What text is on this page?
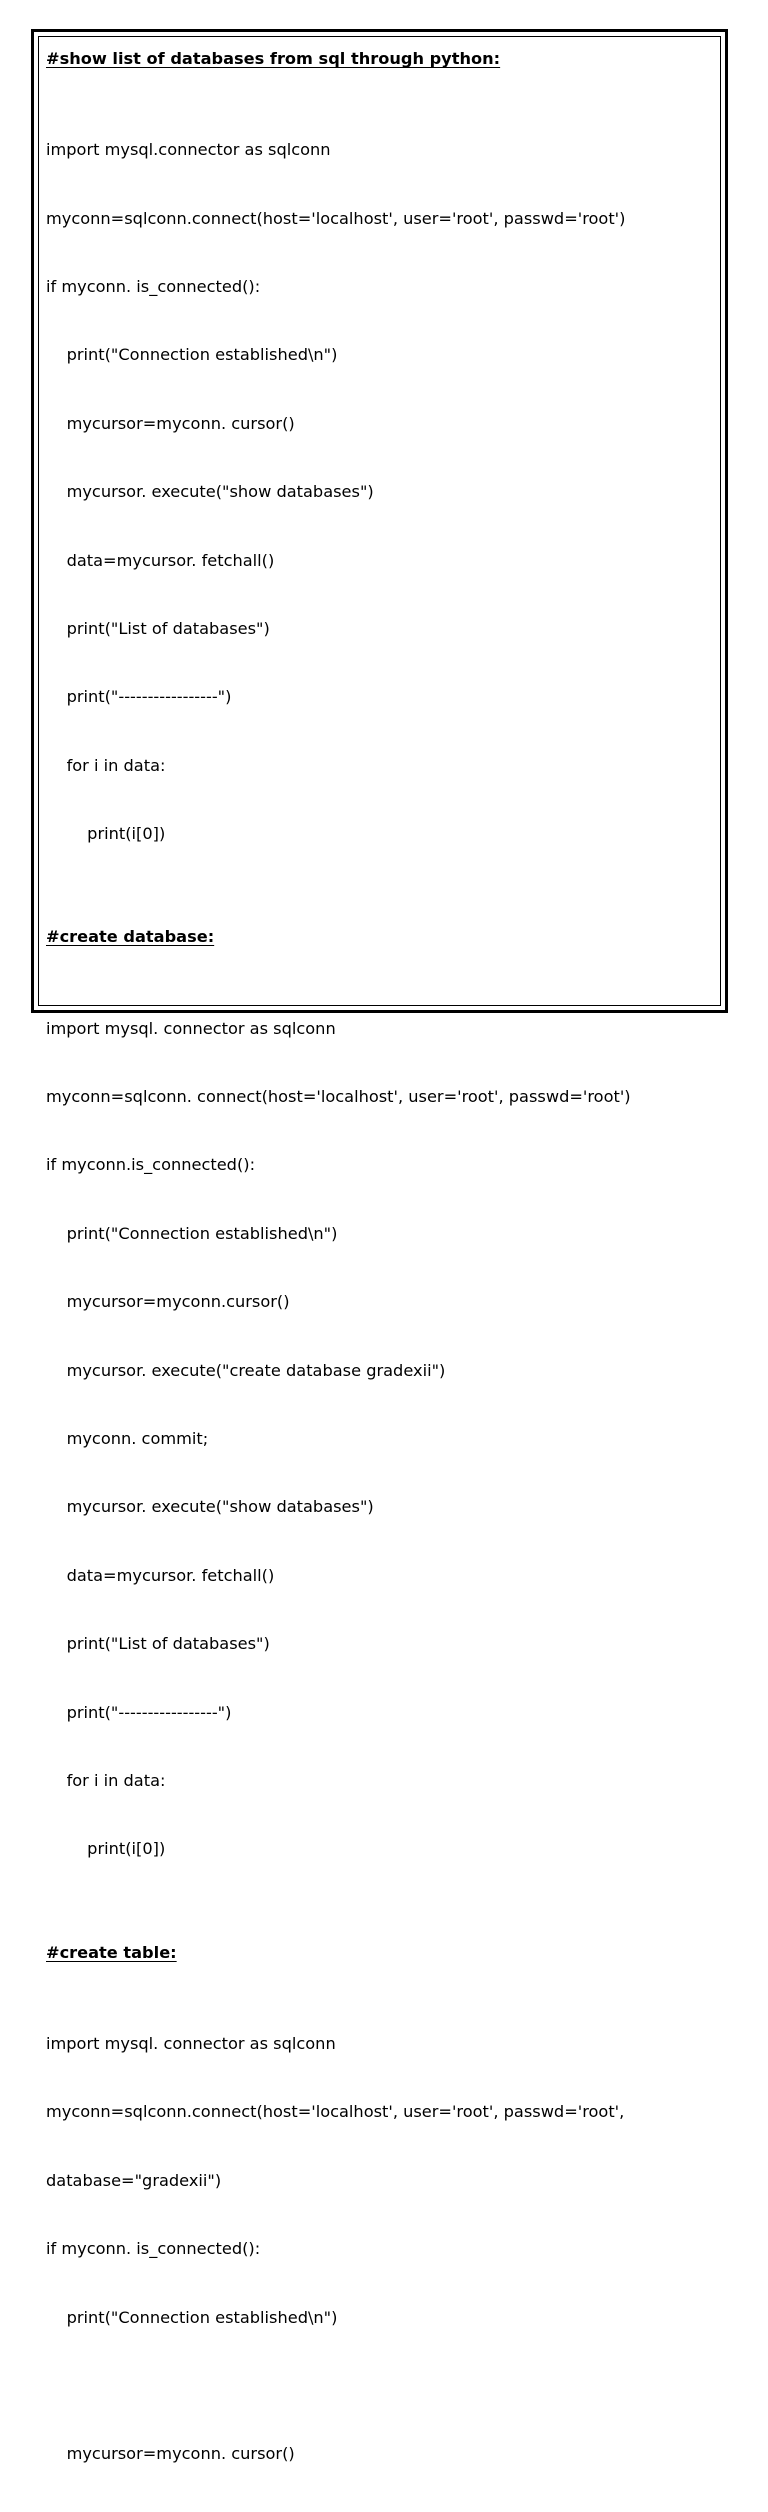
#show list of databases from sql through python:

import mysql.connector as sqlconn

myconn=sqlconn.connect(host='localhost', user='root', passwd='root')

if myconn. is_connected():

print("Connection established\n")

mycursor=myconn. cursor()

mycursor. execute("show databases")

data=mycursor. fetchall()

print("List of databases")

print("-----------------")

for i in data:

print(i[0])

#create database:

import mysql. connector as sqlconn

myconn=sqlconn. connect(host='localhost', user='root', passwd='root')

if myconn.is_connected():

print("Connection established\n")

mycursor=myconn.cursor()

mycursor. execute("create database gradexii")

myconn. commit;

mycursor. execute("show databases")

data=mycursor. fetchall()

print("List of databases")

print("-----------------")

for i in data:

print(i[0])

#create table:

import mysql. connector as sqlconn

myconn=sqlconn.connect(host='localhost', user='root', passwd='root',

database="gradexii")

if myconn. is_connected():

print("Connection established\n")

mycursor=myconn. cursor()
